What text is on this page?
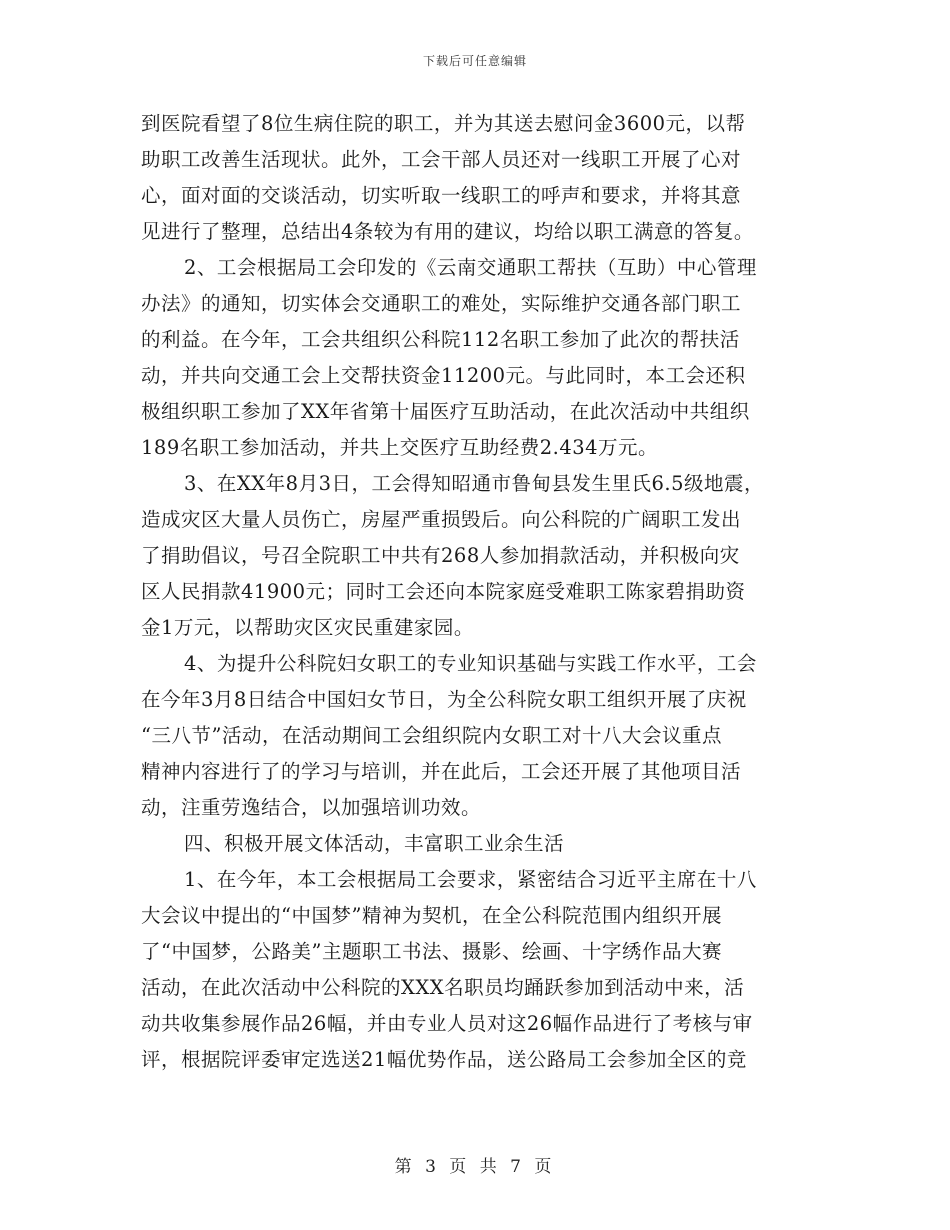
下载后可任意编辑
到医院看望了8位生病住院的职工，并为其送去慰问金3600元，以帮
助职工改善生活现状。此外，工会干部人员还对一线职工开展了心对
心，面对面的交谈活动，切实听取一线职工的呼声和要求，并将其意
见进行了整理，总结出4条较为有用的建议，均给以职工满意的答复。
2、工会根据局工会印发的《云南交通职工帮扶（互助）中心管理
办法》的通知，切实体会交通职工的难处，实际维护交通各部门职工
的利益。在今年，工会共组织公科院112名职工参加了此次的帮扶活
动，并共向交通工会上交帮扶资金11200元。与此同时，本工会还积
极组织职工参加了XX年省第十届医疗互助活动，在此次活动中共组织
189名职工参加活动，并共上交医疗互助经费2.434万元。
3、在XX年8月3日，工会得知昭通市鲁甸县发生里氏6.5级地震，
造成灾区大量人员伤亡，房屋严重损毁后。向公科院的广阔职工发出
了捐助倡议，号召全院职工中共有268人参加捐款活动，并积极向灾
区人民捐款41900元；同时工会还向本院家庭受难职工陈家碧捐助资
金1万元，以帮助灾区灾民重建家园。
4、为提升公科院妇女职工的专业知识基础与实践工作水平，工会
在今年3月8日结合中国妇女节日，为全公科院女职工组织开展了庆祝
“三八节”活动，在活动期间工会组织院内女职工对十八大会议重点
精神内容进行了的学习与培训，并在此后，工会还开展了其他项目活
动，注重劳逸结合，以加强培训功效。
四、积极开展文体活动，丰富职工业余生活
1、在今年，本工会根据局工会要求，紧密结合习近平主席在十八
大会议中提出的“中国梦”精神为契机，在全公科院范围内组织开展
了“中国梦，公路美”主题职工书法、摄影、绘画、十字绣作品大赛
活动，在此次活动中公科院的XXX名职员均踊跃参加到活动中来，活
动共收集参展作品26幅，并由专业人员对这26幅作品进行了考核与审
评，根据院评委审定选送21幅优势作品，送公路局工会参加全区的竞
第 3 页 共 7 页
